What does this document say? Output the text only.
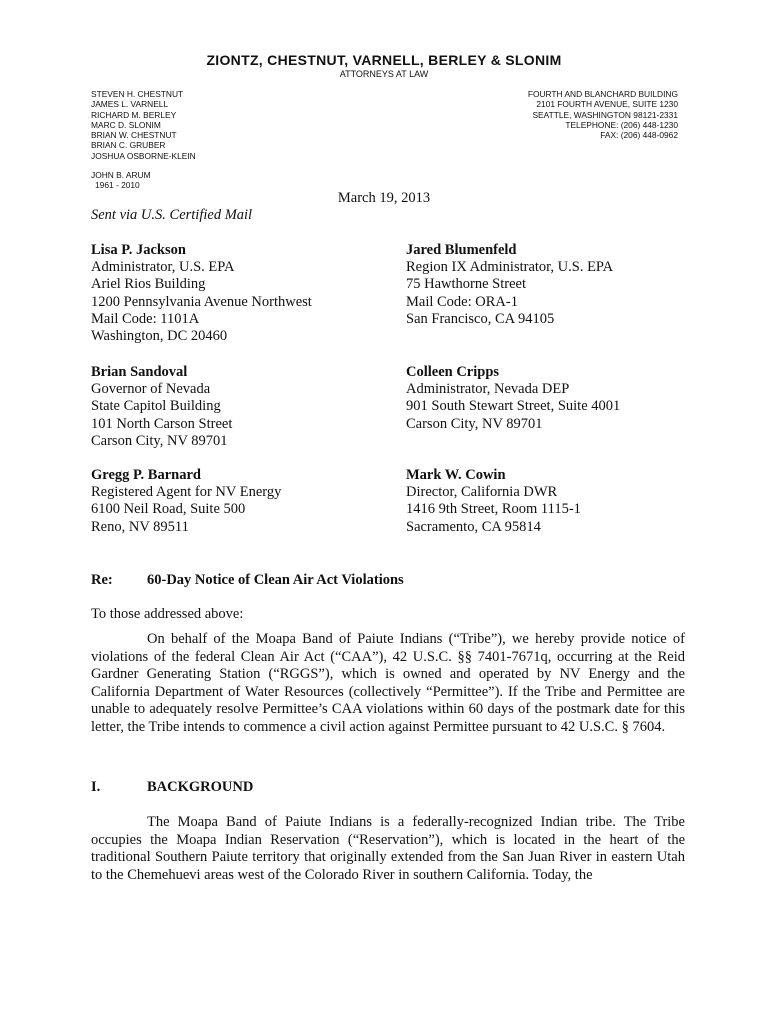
ZIONTZ, CHESTNUT, VARNELL, BERLEY & SLONIM
ATTORNEYS AT LAW
STEVEN H. CHESTNUT
JAMES L. VARNELL
RICHARD M. BERLEY
MARC D. SLONIM
BRIAN W. CHESTNUT
BRIAN C. GRUBER
JOSHUA OSBORNE-KLEIN
JOHN B. ARUM
1961 - 2010
FOURTH AND BLANCHARD BUILDING
2101 FOURTH AVENUE, SUITE 1230
SEATTLE, WASHINGTON 98121-2331
TELEPHONE: (206) 448-1230
FAX: (206) 448-0962
March 19, 2013
Sent via U.S. Certified Mail
Lisa P. Jackson
Administrator, U.S. EPA
Ariel Rios Building
1200 Pennsylvania Avenue Northwest
Mail Code: 1101A
Washington, DC 20460
Jared Blumenfeld
Region IX Administrator, U.S. EPA
75 Hawthorne Street
Mail Code: ORA-1
San Francisco, CA 94105
Brian Sandoval
Governor of Nevada
State Capitol Building
101 North Carson Street
Carson City, NV 89701
Colleen Cripps
Administrator, Nevada DEP
901 South Stewart Street, Suite 4001
Carson City, NV 89701
Gregg P. Barnard
Registered Agent for NV Energy
6100 Neil Road, Suite 500
Reno, NV 89511
Mark W. Cowin
Director, California DWR
1416 9th Street, Room 1115-1
Sacramento, CA 95814
Re: 60-Day Notice of Clean Air Act Violations
To those addressed above:
On behalf of the Moapa Band of Paiute Indians (“Tribe”), we hereby provide notice of violations of the federal Clean Air Act (“CAA”), 42 U.S.C. §§ 7401-7671q, occurring at the Reid Gardner Generating Station (“RGGS”), which is owned and operated by NV Energy and the California Department of Water Resources (collectively “Permittee”). If the Tribe and Permittee are unable to adequately resolve Permittee’s CAA violations within 60 days of the postmark date for this letter, the Tribe intends to commence a civil action against Permittee pursuant to 42 U.S.C. § 7604.
I.	BACKGROUND
The Moapa Band of Paiute Indians is a federally-recognized Indian tribe. The Tribe occupies the Moapa Indian Reservation (“Reservation”), which is located in the heart of the traditional Southern Paiute territory that originally extended from the San Juan River in eastern Utah to the Chemehuevi areas west of the Colorado River in southern California. Today, the
